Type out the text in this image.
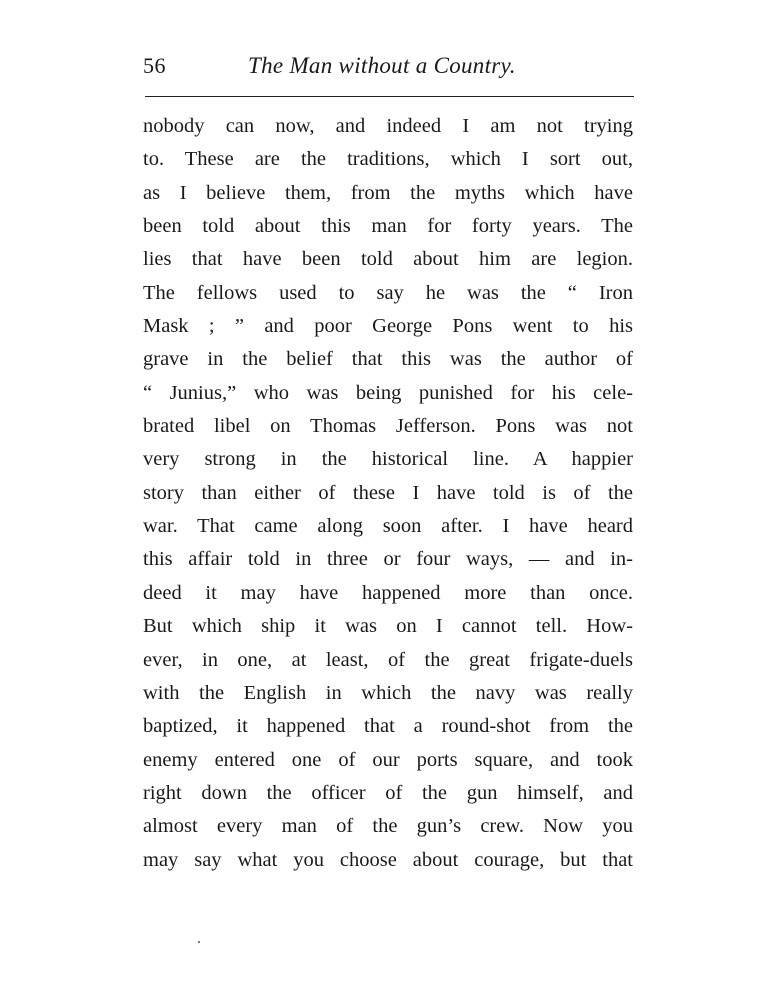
56	The Man without a Country.
nobody can now, and indeed I am not trying
to. These are the traditions, which I sort out,
as I believe them, from the myths which have
been told about this man for forty years. The
lies that have been told about him are legion.
The fellows used to say he was the “ Iron
Mask ; ” and poor George Pons went to his
grave in the belief that this was the author of
“ Junius,” who was being punished for his cele-
brated libel on Thomas Jefferson. Pons was not
very strong in the historical line. A happier
story than either of these I have told is of the
war. That came along soon after. I have heard
this affair told in three or four ways, — and in-
deed it may have happened more than once.
But which ship it was on I cannot tell. How-
ever, in one, at least, of the great frigate-duels
with the English in which the navy was really
baptized, it happened that a round-shot from the
enemy entered one of our ports square, and took
right down the officer of the gun himself, and
almost every man of the gun’s crew. Now you
may say what you choose about courage, but that
